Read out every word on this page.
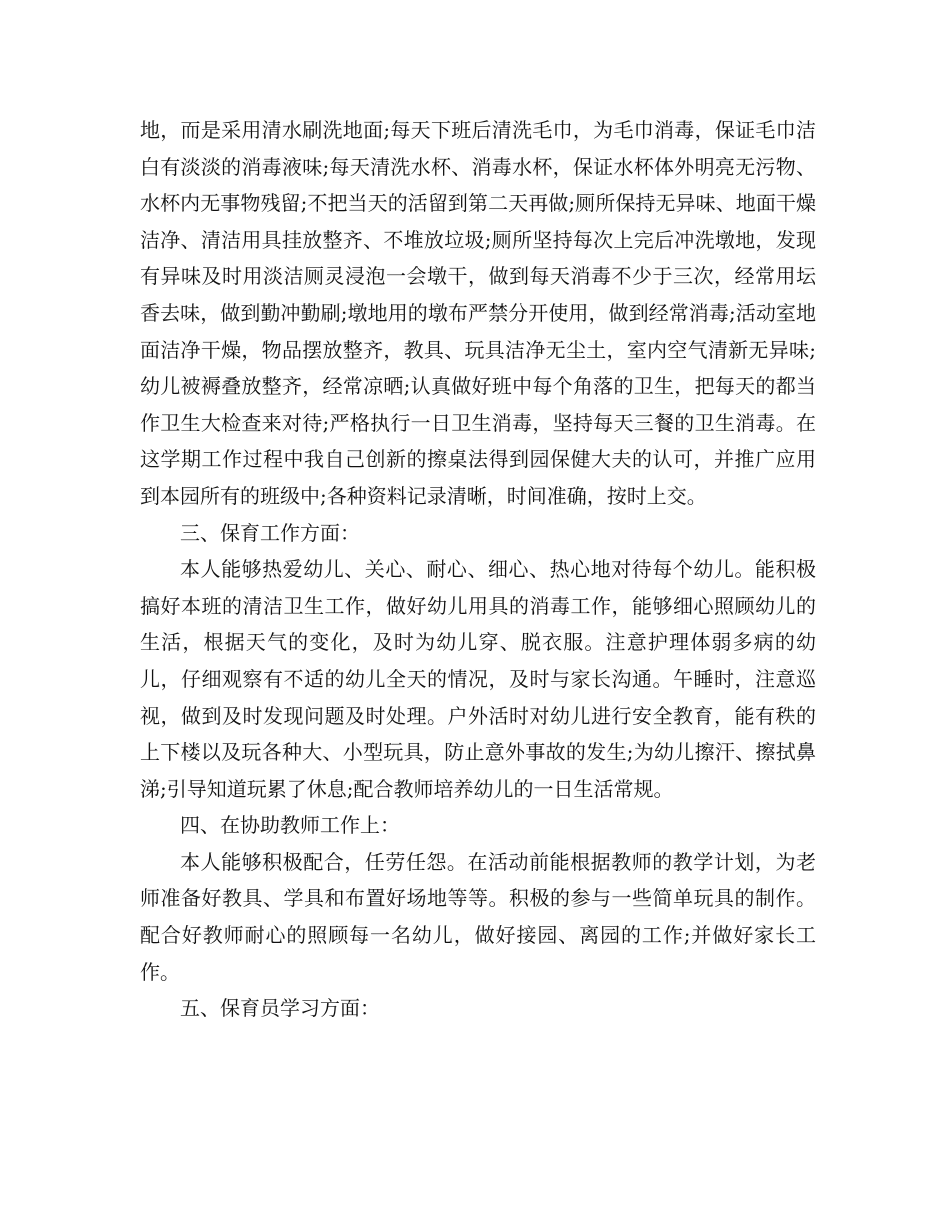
地，而是采用清水刷洗地面;每天下班后清洗毛巾，为毛巾消毒，保证毛巾洁白有淡淡的消毒液味;每天清洗水杯、消毒水杯，保证水杯体外明亮无污物、水杯内无事物残留;不把当天的活留到第二天再做;厕所保持无异味、地面干燥洁净、清洁用具挂放整齐、不堆放垃圾;厕所坚持每次上完后冲洗墩地，发现有异味及时用淡洁厕灵浸泡一会墩干，做到每天消毒不少于三次，经常用坛香去味，做到勤冲勤刷;墩地用的墩布严禁分开使用，做到经常消毒;活动室地面洁净干燥，物品摆放整齐，教具、玩具洁净无尘土，室内空气清新无异味;幼儿被褥叠放整齐，经常凉晒;认真做好班中每个角落的卫生，把每天的都当作卫生大检查来对待;严格执行一日卫生消毒，坚持每天三餐的卫生消毒。在这学期工作过程中我自己创新的擦桌法得到园保健大夫的认可，并推广应用到本园所有的班级中;各种资料记录清晰，时间准确，按时上交。

三、保育工作方面：

本人能够热爱幼儿、关心、耐心、细心、热心地对待每个幼儿。能积极搞好本班的清洁卫生工作，做好幼儿用具的消毒工作，能够细心照顾幼儿的生活，根据天气的变化，及时为幼儿穿、脱衣服。注意护理体弱多病的幼儿，仔细观察有不适的幼儿全天的情况，及时与家长沟通。午睡时，注意巡视，做到及时发现问题及时处理。户外活时对幼儿进行安全教育，能有秩的上下楼以及玩各种大、小型玩具，防止意外事故的发生;为幼儿擦汗、擦拭鼻涕;引导知道玩累了休息;配合教师培养幼儿的一日生活常规。

四、在协助教师工作上：

本人能够积极配合，任劳任怨。在活动前能根据教师的教学计划，为老师准备好教具、学具和布置好场地等等。积极的参与一些简单玩具的制作。配合好教师耐心的照顾每一名幼儿，做好接园、离园的工作;并做好家长工作。

五、保育员学习方面：
